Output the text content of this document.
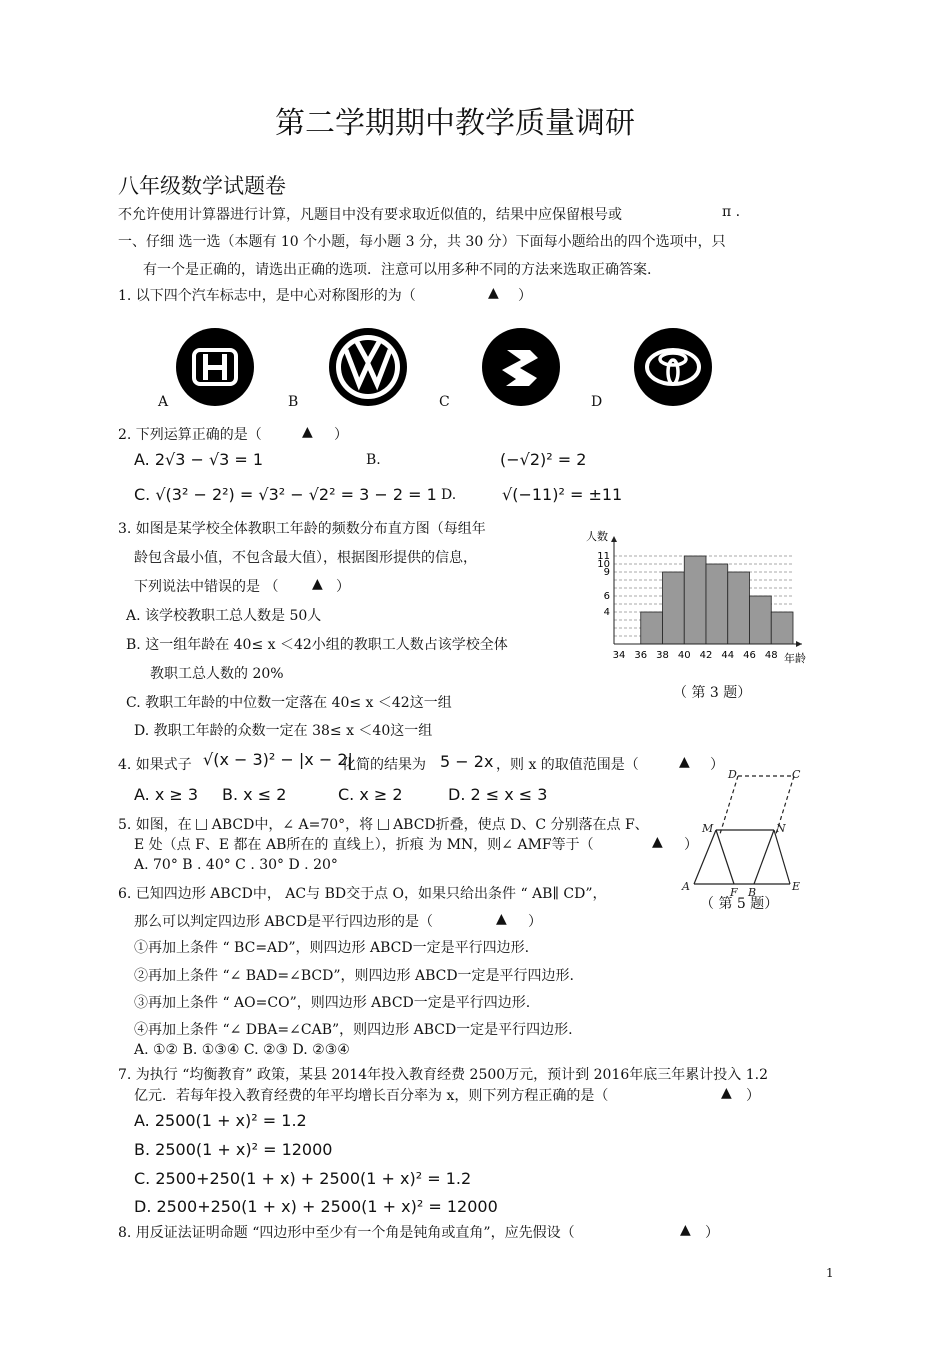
第二学期期中教学质量调研
八年级数学试题卷
不允许使用计算器进行计算，凡题目中没有要求取近似值的，结果中应保留根号或	π .
一、仔细 选一选（本题有 10 个小题，每小题 3 分，共 30 分）下面每小题给出的四个选项中，只
有一个是正确的，请选出正确的选项．注意可以用多种不同的方法来选取正确答案.
1. 以下四个汽车标志中，是中心对称图形的为（	▲ ）
A	B	C	D
2. 下列运算正确的是（	▲ ）
A. 2√3 − √3 = 1	B.	(−√2)² = 2
C. √(3² − 2²) = √3² − √2² = 3 − 2 = 1 D.	√(−11)² = ±11
3. 如图是某学校全体教职工年龄的频数分布直方图（每组年
龄包含最小值，不包含最大值），根据图形提供的信息，
下列说法中错误的是 （ ▲ ）
A. 该学校教职工总人数是 50人
B. 这一组年龄在 40≤ x ＜42小组的教职工人数占该学校全体
教职工总人数的 20%
C. 教职工年龄的中位数一定落在 40≤ x ＜42这一组
D. 教职工年龄的众数一定在 38≤ x ＜40这一组
人数
年龄
4
6
9
10
11
34 36 38 40 42 44 46 48
（ 第 3 题）
4. 如果式子 √(x − 3)² − |x − 2|
化简的结果为 5 − 2x ，则 x 的取值范围是（	▲ ）
A. x ≥ 3 B. x ≤ 2	C. x ≥ 2	D. 2 ≤ x ≤ 3
5. 如图，在 ABCD中，∠ A=70°，将 ABCD折叠，使点 D、C 分别落在点 F、
E 处（点 F、E 都在 AB所在的 直线上），折痕 为 MN，则∠ AMF等于（	▲ ）
A. 70° B . 40° C . 30° D . 20°
D	C
M	N
A	F B	E
（ 第 5 题）
6. 已知四边形 ABCD中， AC与 BD交于点 O，如果只给出条件 “ AB∥ CD”，
那么可以判定四边形 ABCD是平行四边形的是（	▲ ）
①再加上条件 “ BC=AD”，则四边形 ABCD一定是平行四边形.
②再加上条件 “∠ BAD=∠BCD”，则四边形 ABCD一定是平行四边形.
③再加上条件 “ AO=CO”，则四边形 ABCD一定是平行四边形.
④再加上条件 “∠ DBA=∠CAB”，则四边形 ABCD一定是平行四边形.
A. ①② B. ①③④ C. ②③ D. ②③④
7. 为执行 “均衡教育” 政策，某县 2014年投入教育经费 2500万元，预计到 2016年底三年累计投入 1.2
亿元．若每年投入教育经费的年平均增长百分率为 x，则下列方程正确的是（	▲ ）
A. 2500(1 + x)² = 1.2
B. 2500(1 + x)² = 12000
C. 2500+250(1 + x) + 2500(1 + x)² = 1.2
D. 2500+250(1 + x) + 2500(1 + x)² = 12000
8. 用反证法证明命题 “四边形中至少有一个角是钝角或直角”，应先假设（	▲ ）
1
